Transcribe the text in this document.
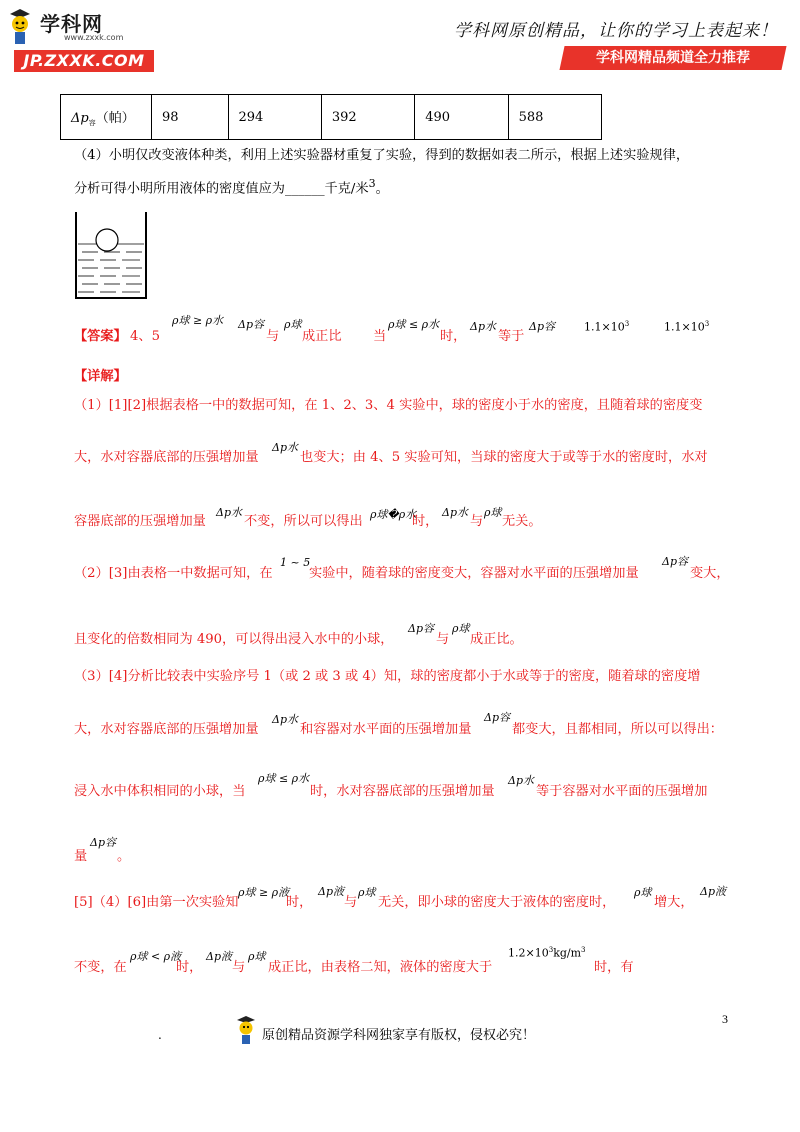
学科网
www.zxxk.com
JP.ZXXK.COM
学科网原创精品，让你的学习上表起来！
学科网精品频道全力推荐
$\Delta p_容$（帕）	98	294	392	490	588
（4）小明仅改变液体种类，利用上述实验器材重复了实验，得到的数据如表二所示，根据上述实验规律，
分析可得小明所用液体的密度值应为______千克/米$^3$。
【答案】 4、5
ρ球 ≥ ρ水 Δp容
与
ρ球
成正比 当
ρ球 ≤ ρ水
时，
Δp水
等于
Δp容	$1.1\times 10^3$	$1.1\times 10^3$
【详解】
（1）[1][2]根据表格一中的数据可知，在 1、2、3、4 实验中，球的密度小于水的密度，且随着球的密度变
大，水对容器底部的压强增加量
Δp水
也变大；由 4、5 实验可知，当球的密度大于或等于水的密度时，水对
容器底部的压强增加量
Δp水
不变，所以可以得出 ρ球�ρ水
时，
Δp水
与
ρ球
无关。
（2）[3]由表格一中数据可知，在
1 ~ 5
实验中，随着球的密度变大，容器对水平面的压强增加量
Δp容
变大，
且变化的倍数相同为 490，可以得出浸入水中的小球，
Δp容
与
ρ球
成正比。
（3）[4]分析比较表中实验序号 1（或 2 或 3 或 4）知，球的密度都小于水或等于的密度，随着球的密度增
大，水对容器底部的压强增加量
Δp水
和容器对水平面的压强增加量
Δp容
都变大，且都相同，所以可以得出：
浸入水中体积相同的小球，当
ρ球 ≤ ρ水
时，水对容器底部的压强增加量
Δp水
等于容器对水平面的压强增加
量
Δp容
。
[5]（4）[6]由第一次实验知
ρ球 ≥ ρ液
时，
Δp液
与
ρ球
无关，即小球的密度大于液体的密度时，
ρ球
增大，
Δp液
不变，在
ρ球 < ρ液
时，
Δp液
与
ρ球
成正比，由表格二知，液体的密度大于
$1.2\times 10^3kg/m^3$
时，有
3
.	原创精品资源学科网独家享有版权，侵权必究！
